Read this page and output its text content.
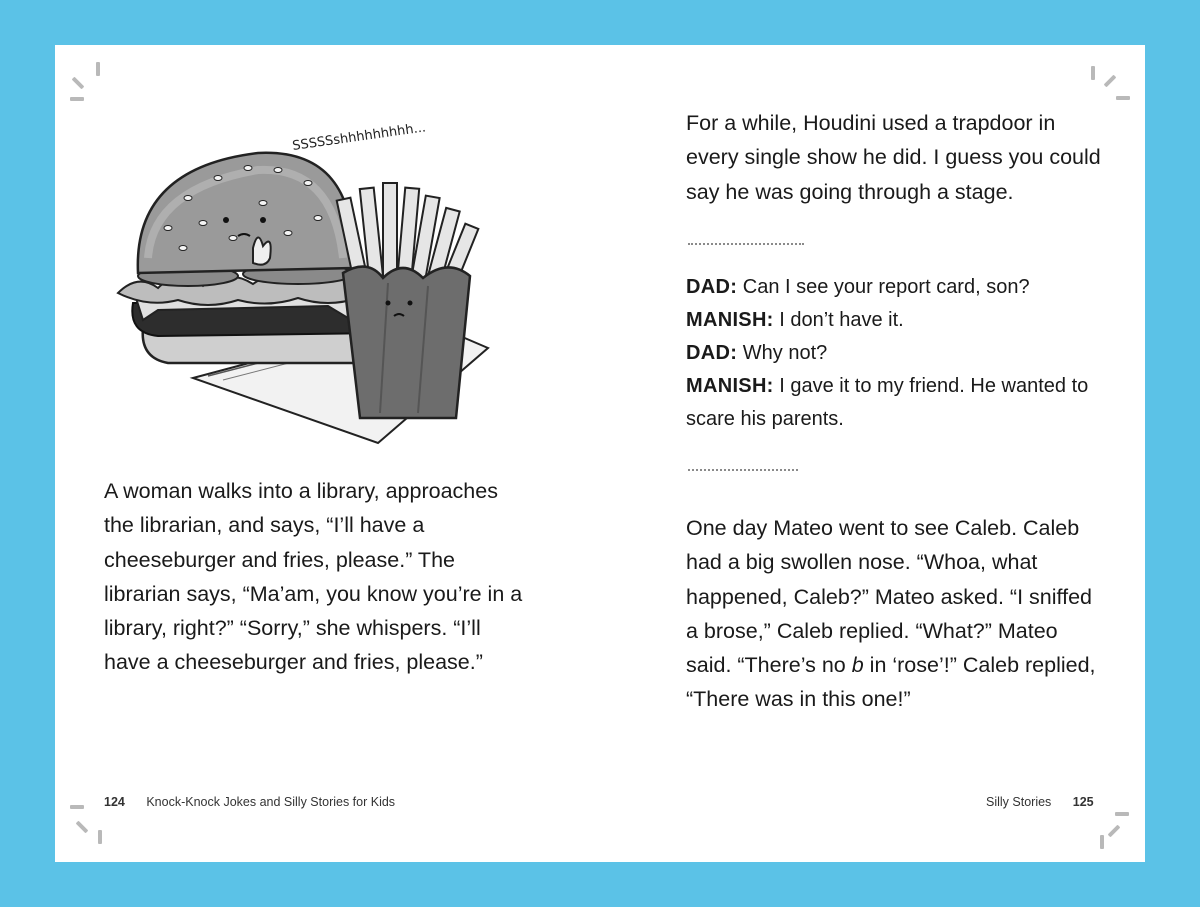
SSSSSshhhhhhhhh...

A woman walks into a library, approaches the librarian, and says, “I’ll have a cheeseburger and fries, please.” The librarian says, “Ma’am, you know you’re in a library, right?” “Sorry,” she whispers. “I’ll have a cheeseburger and fries, please.”

For a while, Houdini used a trapdoor in every single show he did. I guess you could say he was going through a stage.

DAD: Can I see your report card, son?
MANISH: I don’t have it.
DAD: Why not?
MANISH: I gave it to my friend. He wanted to scare his parents.

One day Mateo went to see Caleb. Caleb had a big swollen nose. “Whoa, what happened, Caleb?” Mateo asked. “I sniffed a brose,” Caleb replied. “What?” Mateo said. “There’s no b in ‘rose’!” Caleb replied, “There was in this one!”

124 Knock-Knock Jokes and Silly Stories for Kids	Silly Stories 125
